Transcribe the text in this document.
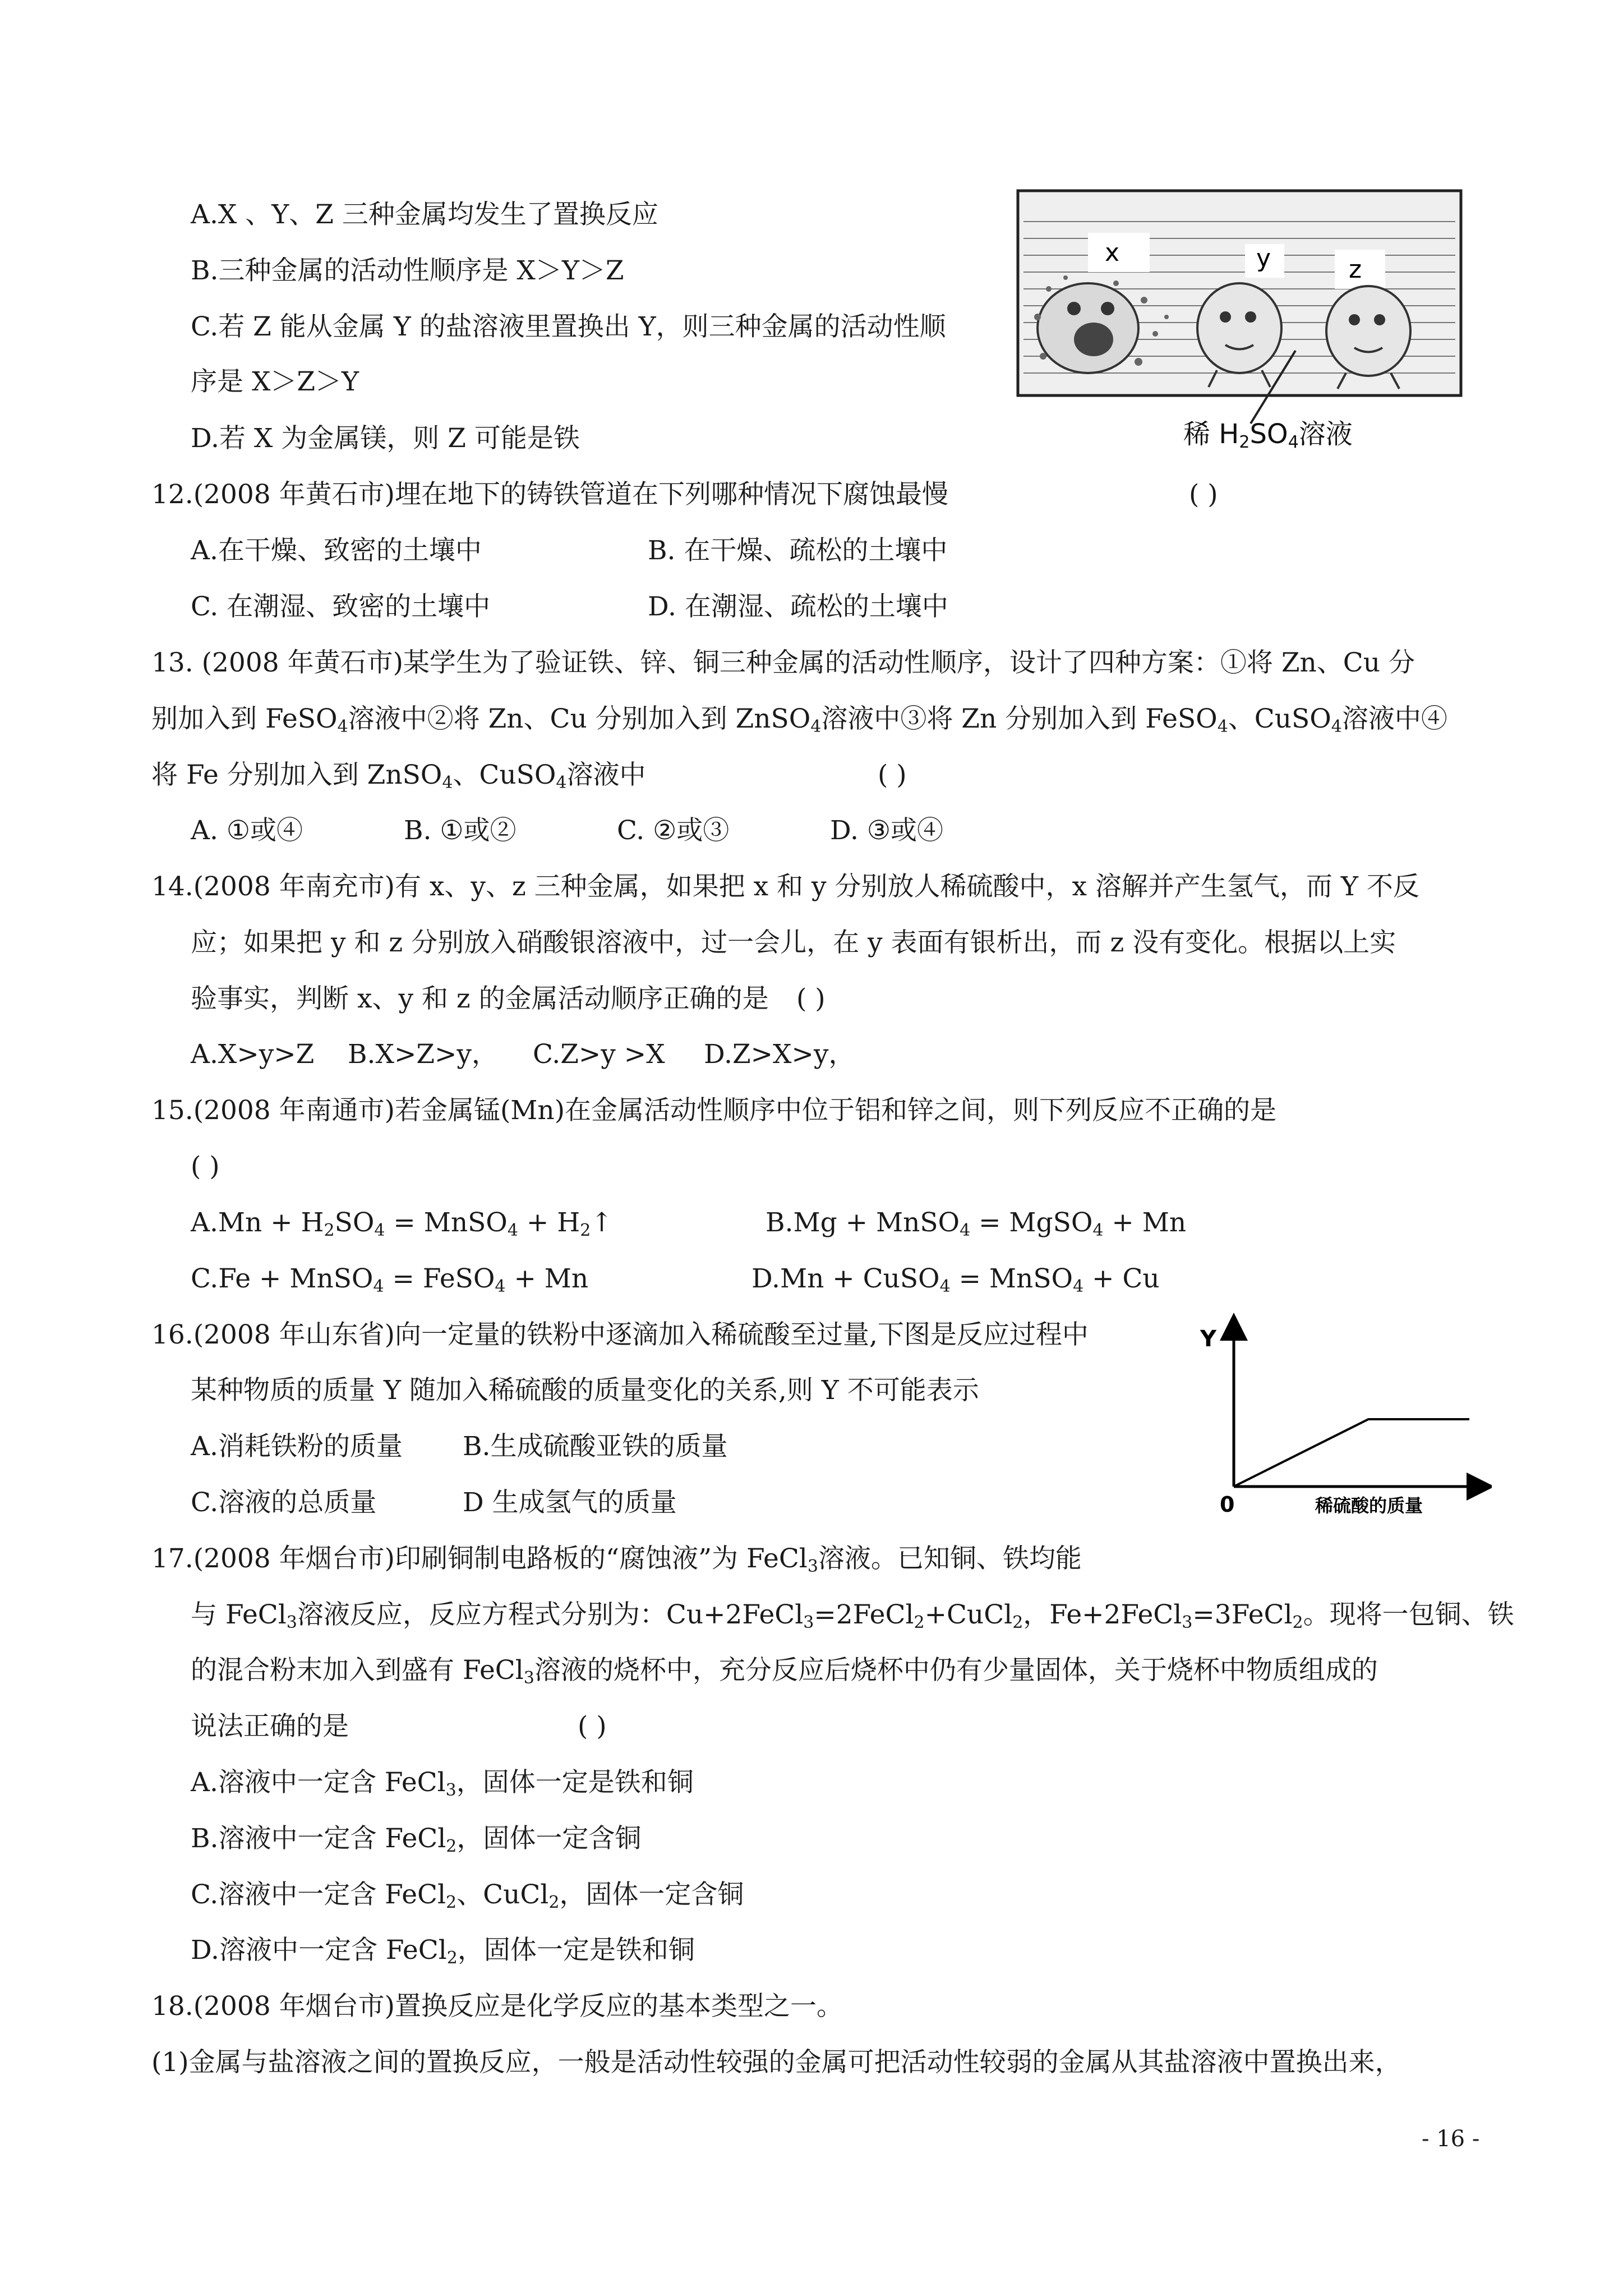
A.X 、Y、Z 三种金属均发生了置换反应
B.三种金属的活动性顺序是 X＞Y＞Z
C.若 Z 能从金属 Y 的盐溶液里置换出 Y，则三种金属的活动性顺
序是 X＞Z＞Y
D.若 X 为金属镁，则 Z 可能是铁
x	y	z
稀 H2SO4溶液
12.(2008 年黄石市)埋在地下的铸铁管道在下列哪种情况下腐蚀最慢	( )
A.在干燥、致密的土壤中	B. 在干燥、疏松的土壤中
C. 在潮湿、致密的土壤中	D. 在潮湿、疏松的土壤中
13. (2008 年黄石市)某学生为了验证铁、锌、铜三种金属的活动性顺序，设计了四种方案：①将 Zn、Cu 分
别加入到 FeSO$_4$溶液中②将 Zn、Cu 分别加入到 ZnSO$_4$溶液中③将 Zn 分别加入到 FeSO$_4$、CuSO$_4$溶液中④
将 Fe 分别加入到 ZnSO$_4$、CuSO$_4$溶液中	( )
A. ①或④	B. ①或②	C. ②或③	D. ③或④
14.(2008 年南充市)有 x、y、z 三种金属，如果把 x 和 y 分别放人稀硫酸中，x 溶解并产生氢气，而 Y 不反
应；如果把 y 和 z 分别放入硝酸银溶液中，过一会儿，在 y 表面有银析出，而 z 没有变化。根据以上实
验事实，判断 x、y 和 z 的金属活动顺序正确的是 ( )
A.X>y>Z B.X>Z>y， C.Z>y >X D.Z>X>y，
15.(2008 年南通市)若金属锰(Mn)在金属活动性顺序中位于铝和锌之间，则下列反应不正确的是
( )
$A.Mn + H_2SO_4$ = MnSO$_4$ + $H_2↑$	B.Mg + MnSO$_4$ = MgSO$_4$ + Mn
C.Fe + MnSO$_4$ = FeSO$_4$ + Mn	D.Mn + CuSO$_4$ = MnSO$_4$ + Cu
16.(2008 年山东省)向一定量的铁粉中逐滴加入稀硫酸至过量,下图是反应过程中
某种物质的质量 Y 随加入稀硫酸的质量变化的关系,则 Y 不可能表示
A.消耗铁粉的质量 B.生成硫酸亚铁的质量
C.溶液的总质量	D 生成氢气的质量
Y
0	稀硫酸的质量
17.(2008 年烟台市)印刷铜制电路板的“腐蚀液”为 FeCl$_3$溶液。已知铜、铁均能
与 FeCl$_3$溶液反应，反应方程式分别为：Cu+2FeCl$_3$=2FeCl$_2$+CuCl$_2$，Fe+2FeCl$_3$=3FeCl$_2$。现将一包铜、铁
的混合粉末加入到盛有 FeCl$_3$溶液的烧杯中，充分反应后烧杯中仍有少量固体，关于烧杯中物质组成的
说法正确的是	( )
A.溶液中一定含 FeCl$_3$，固体一定是铁和铜
B.溶液中一定含 FeCl$_2$，固体一定含铜
C.溶液中一定含 FeCl$_2$、CuCl$_2$，固体一定含铜
D.溶液中一定含 FeCl$_2$，固体一定是铁和铜
18.(2008 年烟台市)置换反应是化学反应的基本类型之一。
(1)金属与盐溶液之间的置换反应，一般是活动性较强的金属可把活动性较弱的金属从其盐溶液中置换出来，
- 16 -
